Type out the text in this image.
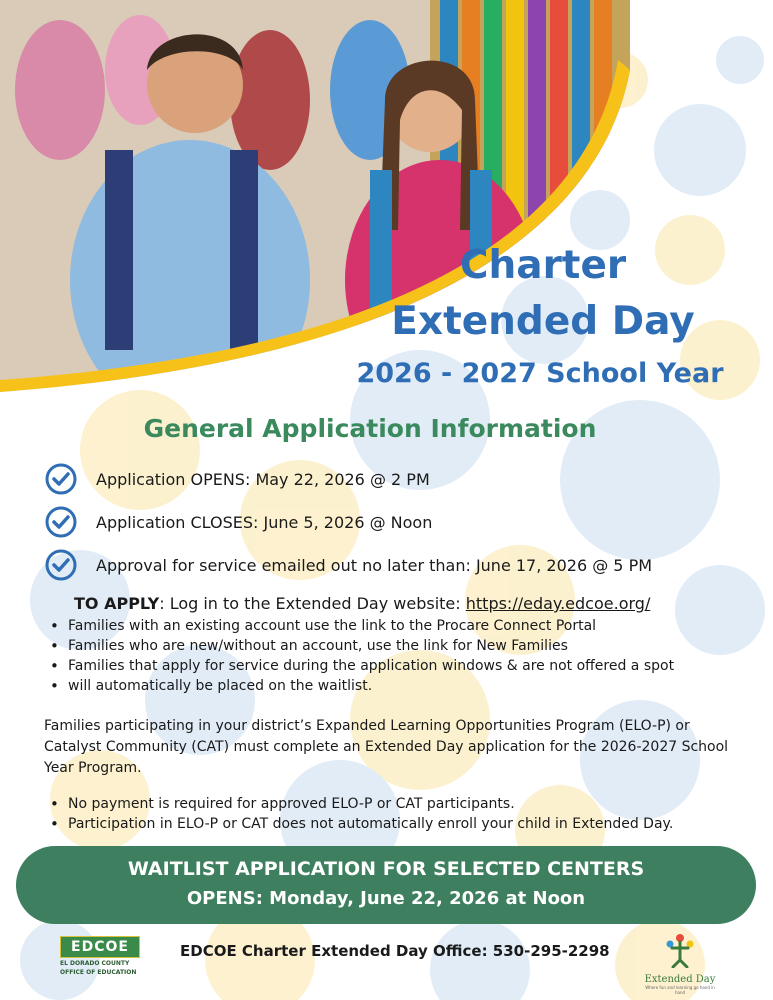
Charter
Extended Day
2026 - 2027 School Year
General Application Information
Application OPENS: May 22, 2026 @ 2 PM
Application CLOSES: June 5, 2026 @ Noon
Approval for service emailed out no later than: June 17, 2026 @ 5 PM
TO APPLY: Log in to the Extended Day website: https://eday.edcoe.org/
• Families with an existing account use the link to the Procare Connect Portal
• Families who are new/without an account, use the link for New Families
• Families that apply for service during the application windows & are not offered a spot
• will automatically be placed on the waitlist.
Families participating in your district’s Expanded Learning Opportunities Program (ELO-P) or Catalyst Community (CAT) must complete an Extended Day application for the 2026-2027 School Year Program.
• No payment is required for approved ELO-P or CAT participants.
• Participation in ELO-P or CAT does not automatically enroll your child in Extended Day.
WAITLIST APPLICATION FOR SELECTED CENTERS
OPENS: Monday, June 22, 2026 at Noon
EDCOE
EL DORADO COUNTY
OFFICE OF EDUCATION
EDCOE Charter Extended Day Office: 530-295-2298
Extended Day
Where fun and learning go hand in hand
